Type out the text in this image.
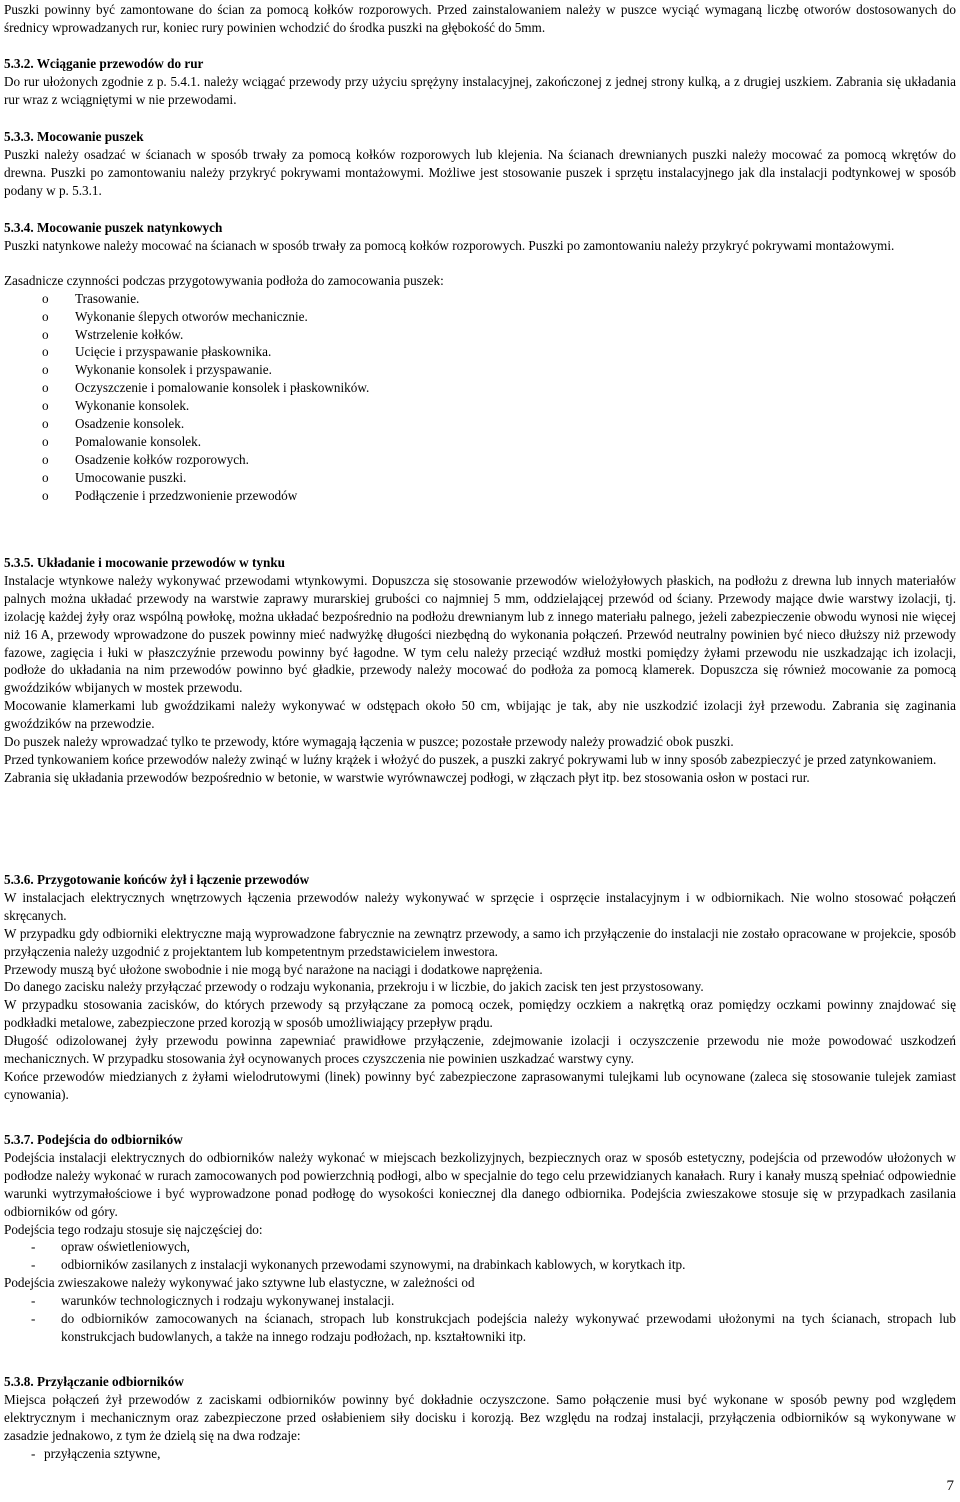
Puszki powinny być zamontowane do ścian za pomocą kołków rozporowych. Przed zainstalowaniem należy w puszce wyciąć wymaganą liczbę otworów dostosowanych do średnicy wprowadzanych rur, koniec rury powinien wchodzić do środka puszki na głębokość do 5mm.

5.3.2. Wciąganie przewodów do rur

Do rur ułożonych zgodnie z p. 5.4.1. należy wciągać przewody przy użyciu sprężyny instalacyjnej, zakończonej z jednej strony kulką, a z drugiej uszkiem. Zabrania się układania rur wraz z wciągniętymi w nie przewodami.

5.3.3. Mocowanie puszek

Puszki należy osadzać w ścianach w sposób trwały za pomocą kołków rozporowych lub klejenia. Na ścianach drewnianych puszki należy mocować za pomocą wkrętów do drewna. Puszki po zamontowaniu należy przykryć pokrywami montażowymi. Możliwe jest stosowanie puszek i sprzętu instalacyjnego jak dla instalacji podtynkowej w sposób podany w p. 5.3.1.

5.3.4. Mocowanie puszek natynkowych

Puszki natynkowe należy mocować na ścianach w sposób trwały za pomocą kołków rozporowych. Puszki po zamontowaniu należy przykryć pokrywami montażowymi.

Zasadnicze czynności podczas przygotowywania podłoża do zamocowania puszek:

o Trasowanie.
o Wykonanie ślepych otworów mechanicznie.
o Wstrzelenie kołków.
o Ucięcie i przyspawanie płaskownika.
o Wykonanie konsolek i przyspawanie.
o Oczyszczenie i pomalowanie konsolek i płaskowników.
o Wykonanie konsolek.
o Osadzenie konsolek.
o Pomalowanie konsolek.
o Osadzenie kołków rozporowych.
o Umocowanie puszki.
o Podłączenie i przedzwonienie przewodów

5.3.5. Układanie i mocowanie przewodów w tynku

Instalacje wtynkowe należy wykonywać przewodami wtynkowymi. Dopuszcza się stosowanie przewodów wielożyłowych płaskich, na podłożu z drewna lub innych materiałów palnych można układać przewody na warstwie zaprawy murarskiej grubości co najmniej 5 mm, oddzielającej przewód od ściany. Przewody mające dwie warstwy izolacji, tj. izolację każdej żyły oraz wspólną powłokę, można układać bezpośrednio na podłożu drewnianym lub z innego materiału palnego, jeżeli zabezpieczenie obwodu wynosi nie więcej niż 16 A, przewody wprowadzone do puszek powinny mieć nadwyżkę długości niezbędną do wykonania połączeń. Przewód neutralny powinien być nieco dłuższy niż przewody fazowe, zagięcia i łuki w płaszczyźnie przewodu powinny być łagodne. W tym celu należy przeciąć wzdłuż mostki pomiędzy żyłami przewodu nie uszkadzając ich izolacji, podłoże do układania na nim przewodów powinno być gładkie, przewody należy mocować do podłoża za pomocą klamerek. Dopuszcza się również mocowanie za pomocą gwoździków wbijanych w mostek przewodu.

Mocowanie klamerkami lub gwoździkami należy wykonywać w odstępach około 50 cm, wbijając je tak, aby nie uszkodzić izolacji żył przewodu. Zabrania się zaginania gwoździków na przewodzie.

Do puszek należy wprowadzać tylko te przewody, które wymagają łączenia w puszce; pozostałe przewody należy prowadzić obok puszki.

Przed tynkowaniem końce przewodów należy zwinąć w luźny krążek i włożyć do puszek, a puszki zakryć pokrywami lub w inny sposób zabezpieczyć je przed zatynkowaniem.

Zabrania się układania przewodów bezpośrednio w betonie, w warstwie wyrównawczej podłogi, w złączach płyt itp. bez stosowania osłon w postaci rur.

5.3.6. Przygotowanie końców żył i łączenie przewodów

W instalacjach elektrycznych wnętrzowych łączenia przewodów należy wykonywać w sprzęcie i osprzęcie instalacyjnym i w odbiornikach. Nie wolno stosować połączeń skręcanych.

W przypadku gdy odbiorniki elektryczne mają wyprowadzone fabrycznie na zewnątrz przewody, a samo ich przyłączenie do instalacji nie zostało opracowane w projekcie, sposób przyłączenia należy uzgodnić z projektantem lub kompetentnym przedstawicielem inwestora.

Przewody muszą być ułożone swobodnie i nie mogą być narażone na naciągi i dodatkowe naprężenia.

Do danego zacisku należy przyłączać przewody o rodzaju wykonania, przekroju i w liczbie, do jakich zacisk ten jest przystosowany.

W przypadku stosowania zacisków, do których przewody są przyłączane za pomocą oczek, pomiędzy oczkiem a nakrętką oraz pomiędzy oczkami powinny znajdować się podkładki metalowe, zabezpieczone przed korozją w sposób umożliwiający przepływ prądu.

Długość odizolowanej żyły przewodu powinna zapewniać prawidłowe przyłączenie, zdejmowanie izolacji i oczyszczenie przewodu nie może powodować uszkodzeń mechanicznych. W przypadku stosowania żył ocynowanych proces czyszczenia nie powinien uszkadzać warstwy cyny.

Końce przewodów miedzianych z żyłami wielodrutowymi (linek) powinny być zabezpieczone zaprasowanymi tulejkami lub ocynowane (zaleca się stosowanie tulejek zamiast cynowania).

5.3.7. Podejścia do odbiorników

Podejścia instalacji elektrycznych do odbiorników należy wykonać w miejscach bezkolizyjnych, bezpiecznych oraz w sposób estetyczny, podejścia od przewodów ułożonych w podłodze należy wykonać w rurach zamocowanych pod powierzchnią podłogi, albo w specjalnie do tego celu przewidzianych kanałach. Rury i kanały muszą spełniać odpowiednie warunki wytrzymałościowe i być wyprowadzone ponad podłogę do wysokości koniecznej dla danego odbiornika. Podejścia zwieszakowe stosuje się w przypadkach zasilania odbiorników od góry.

Podejścia tego rodzaju stosuje się najczęściej do:

- opraw oświetleniowych,
- odbiorników zasilanych z instalacji wykonanych przewodami szynowymi, na drabinkach kablowych, w korytkach itp.

Podejścia zwieszakowe należy wykonywać jako sztywne lub elastyczne, w zależności od

- warunków technologicznych i rodzaju wykonywanej instalacji.
- do odbiorników zamocowanych na ścianach, stropach lub konstrukcjach podejścia należy wykonywać przewodami ułożonymi na tych ścianach, stropach lub konstrukcjach budowlanych, a także na innego rodzaju podłożach, np. kształtowniki itp.

5.3.8. Przyłączanie odbiorników

Miejsca połączeń żył przewodów z zaciskami odbiorników powinny być dokładnie oczyszczone. Samo połączenie musi być wykonane w sposób pewny pod względem elektrycznym i mechanicznym oraz zabezpieczone przed osłabieniem siły docisku i korozją. Bez względu na rodzaj instalacji, przyłączenia odbiorników są wykonywane w zasadzie jednakowo, z tym że dzielą się na dwa rodzaje:

- przyłączenia sztywne,
7
